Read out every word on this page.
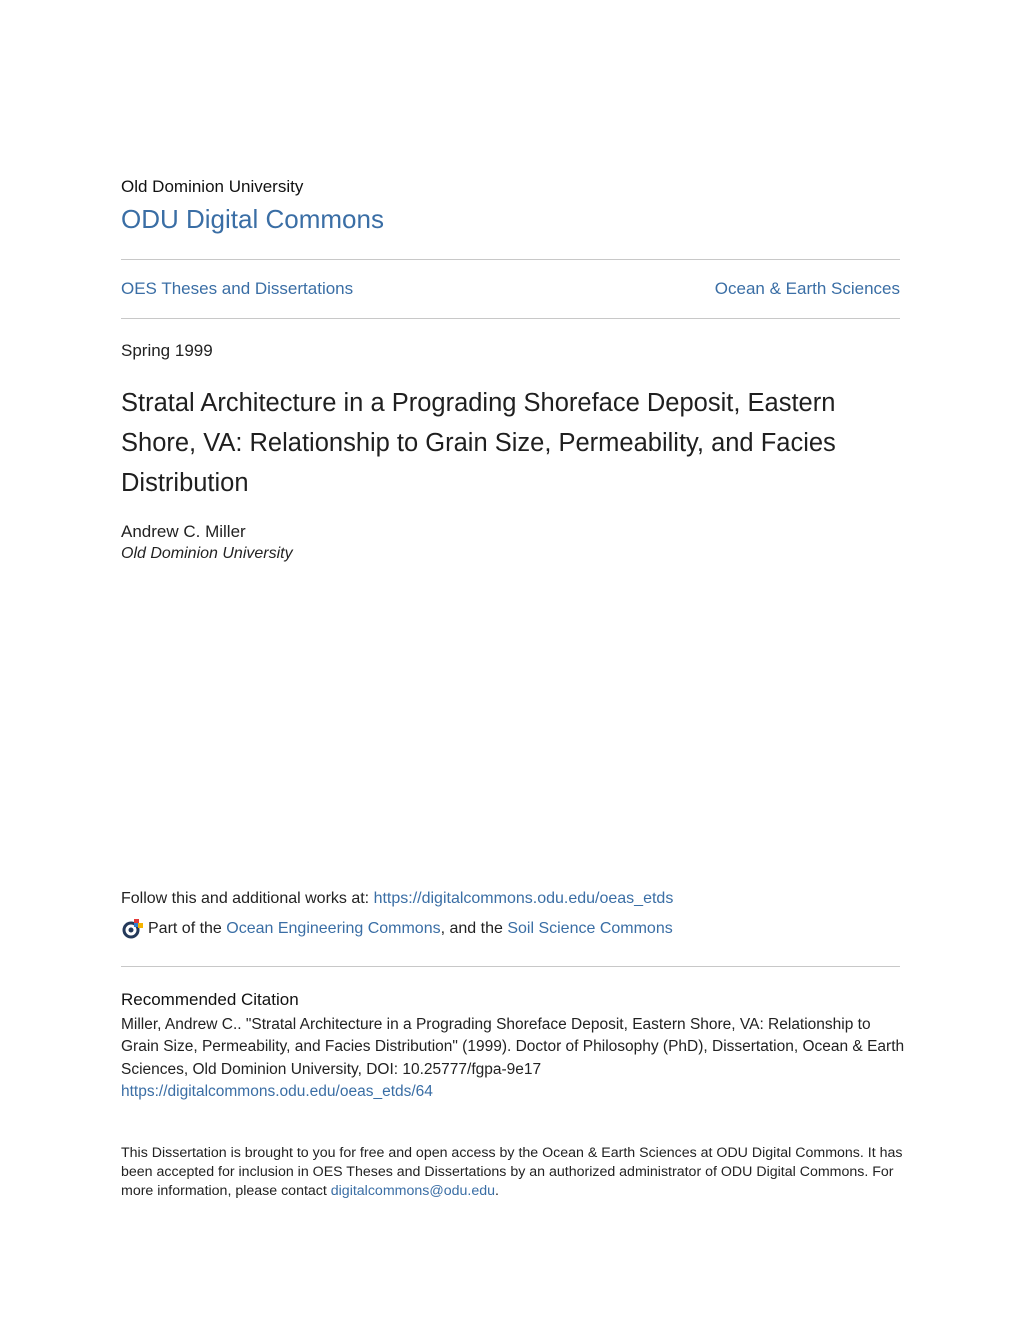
Old Dominion University
ODU Digital Commons
OES Theses and Dissertations	Ocean & Earth Sciences
Spring 1999
Stratal Architecture in a Prograding Shoreface Deposit, Eastern Shore, VA: Relationship to Grain Size, Permeability, and Facies Distribution
Andrew C. Miller
Old Dominion University
Follow this and additional works at: https://digitalcommons.odu.edu/oeas_etds
Part of the Ocean Engineering Commons , and the Soil Science Commons
Recommended Citation
Miller, Andrew C.. "Stratal Architecture in a Prograding Shoreface Deposit, Eastern Shore, VA: Relationship to Grain Size, Permeability, and Facies Distribution" (1999). Doctor of Philosophy (PhD), Dissertation, Ocean & Earth Sciences, Old Dominion University, DOI: 10.25777/fgpa-9e17
https://digitalcommons.odu.edu/oeas_etds/64
This Dissertation is brought to you for free and open access by the Ocean & Earth Sciences at ODU Digital Commons. It has been accepted for inclusion in OES Theses and Dissertations by an authorized administrator of ODU Digital Commons. For more information, please contact digitalcommons@odu.edu.
